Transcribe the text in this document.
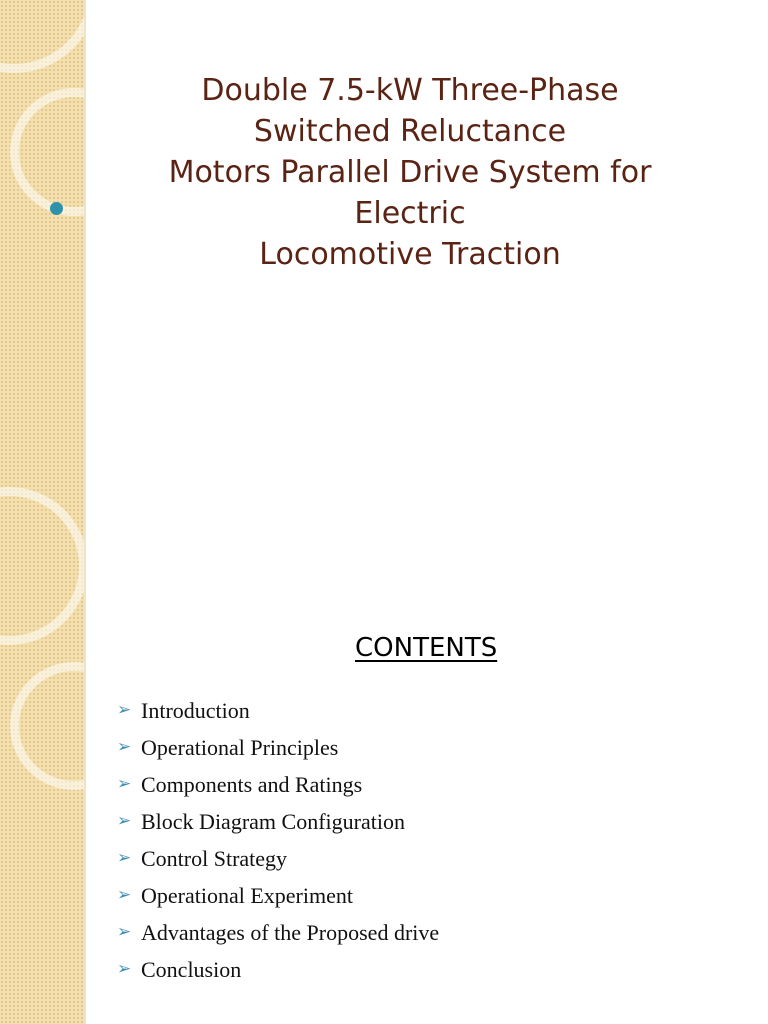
Double 7.5-kW Three-Phase
Switched Reluctance
Motors Parallel Drive System for
Electric
Locomotive Traction
CONTENTS
➢ Introduction
➢ Operational Principles
➢ Components and Ratings
➢ Block Diagram Configuration
➢ Control Strategy
➢ Operational Experiment
➢ Advantages of the Proposed drive
➢ Conclusion
